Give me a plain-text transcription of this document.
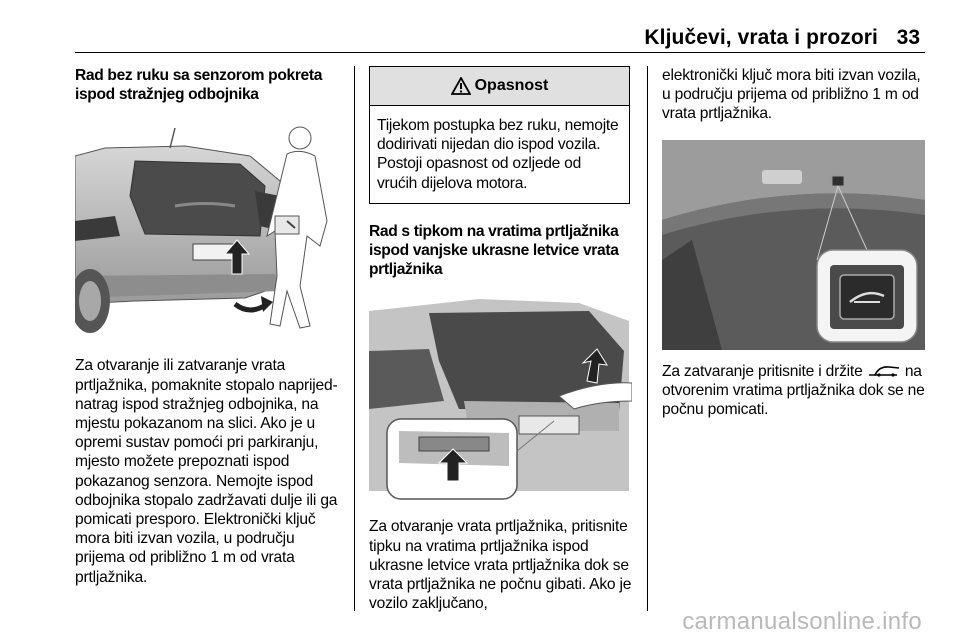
Ključevi, vrata i prozori 33
Rad bez ruku sa senzorom pokreta ispod stražnjeg odbojnika
Za otvaranje ili zatvaranje vrata prtljažnika, pomaknite stopalo naprijed-natrag ispod stražnjeg odbojnika, na mjestu pokazanom na slici. Ako je u opremi sustav pomoći pri parkiranju, mjesto možete prepoznati ispod pokazanog senzora. Nemojte ispod odbojnika stopalo zadržavati dulje ili ga pomicati presporo. Elektronički ključ mora biti izvan vozila, u području prijema od približno 1 m od vrata prtljažnika.
Opasnost
Tijekom postupka bez ruku, nemojte dodirivati nijedan dio ispod vozila. Postoji opasnost od ozljede od vrućih dijelova motora.
Rad s tipkom na vratima prtljažnika ispod vanjske ukrasne letvice vrata prtljažnika
Za otvaranje vrata prtljažnika, pritisnite tipku na vratima prtljažnika ispod ukrasne letvice vrata prtljažnika dok se vrata prtljažnika ne počnu gibati. Ako je vozilo zaključano,
elektronički ključ mora biti izvan vozila, u području prijema od približno 1 m od vrata prtljažnika.
Za zatvaranje pritisnite i držite	na otvorenim vratima prtljažnika dok se ne počnu pomicati.
carmanualsonline.info
